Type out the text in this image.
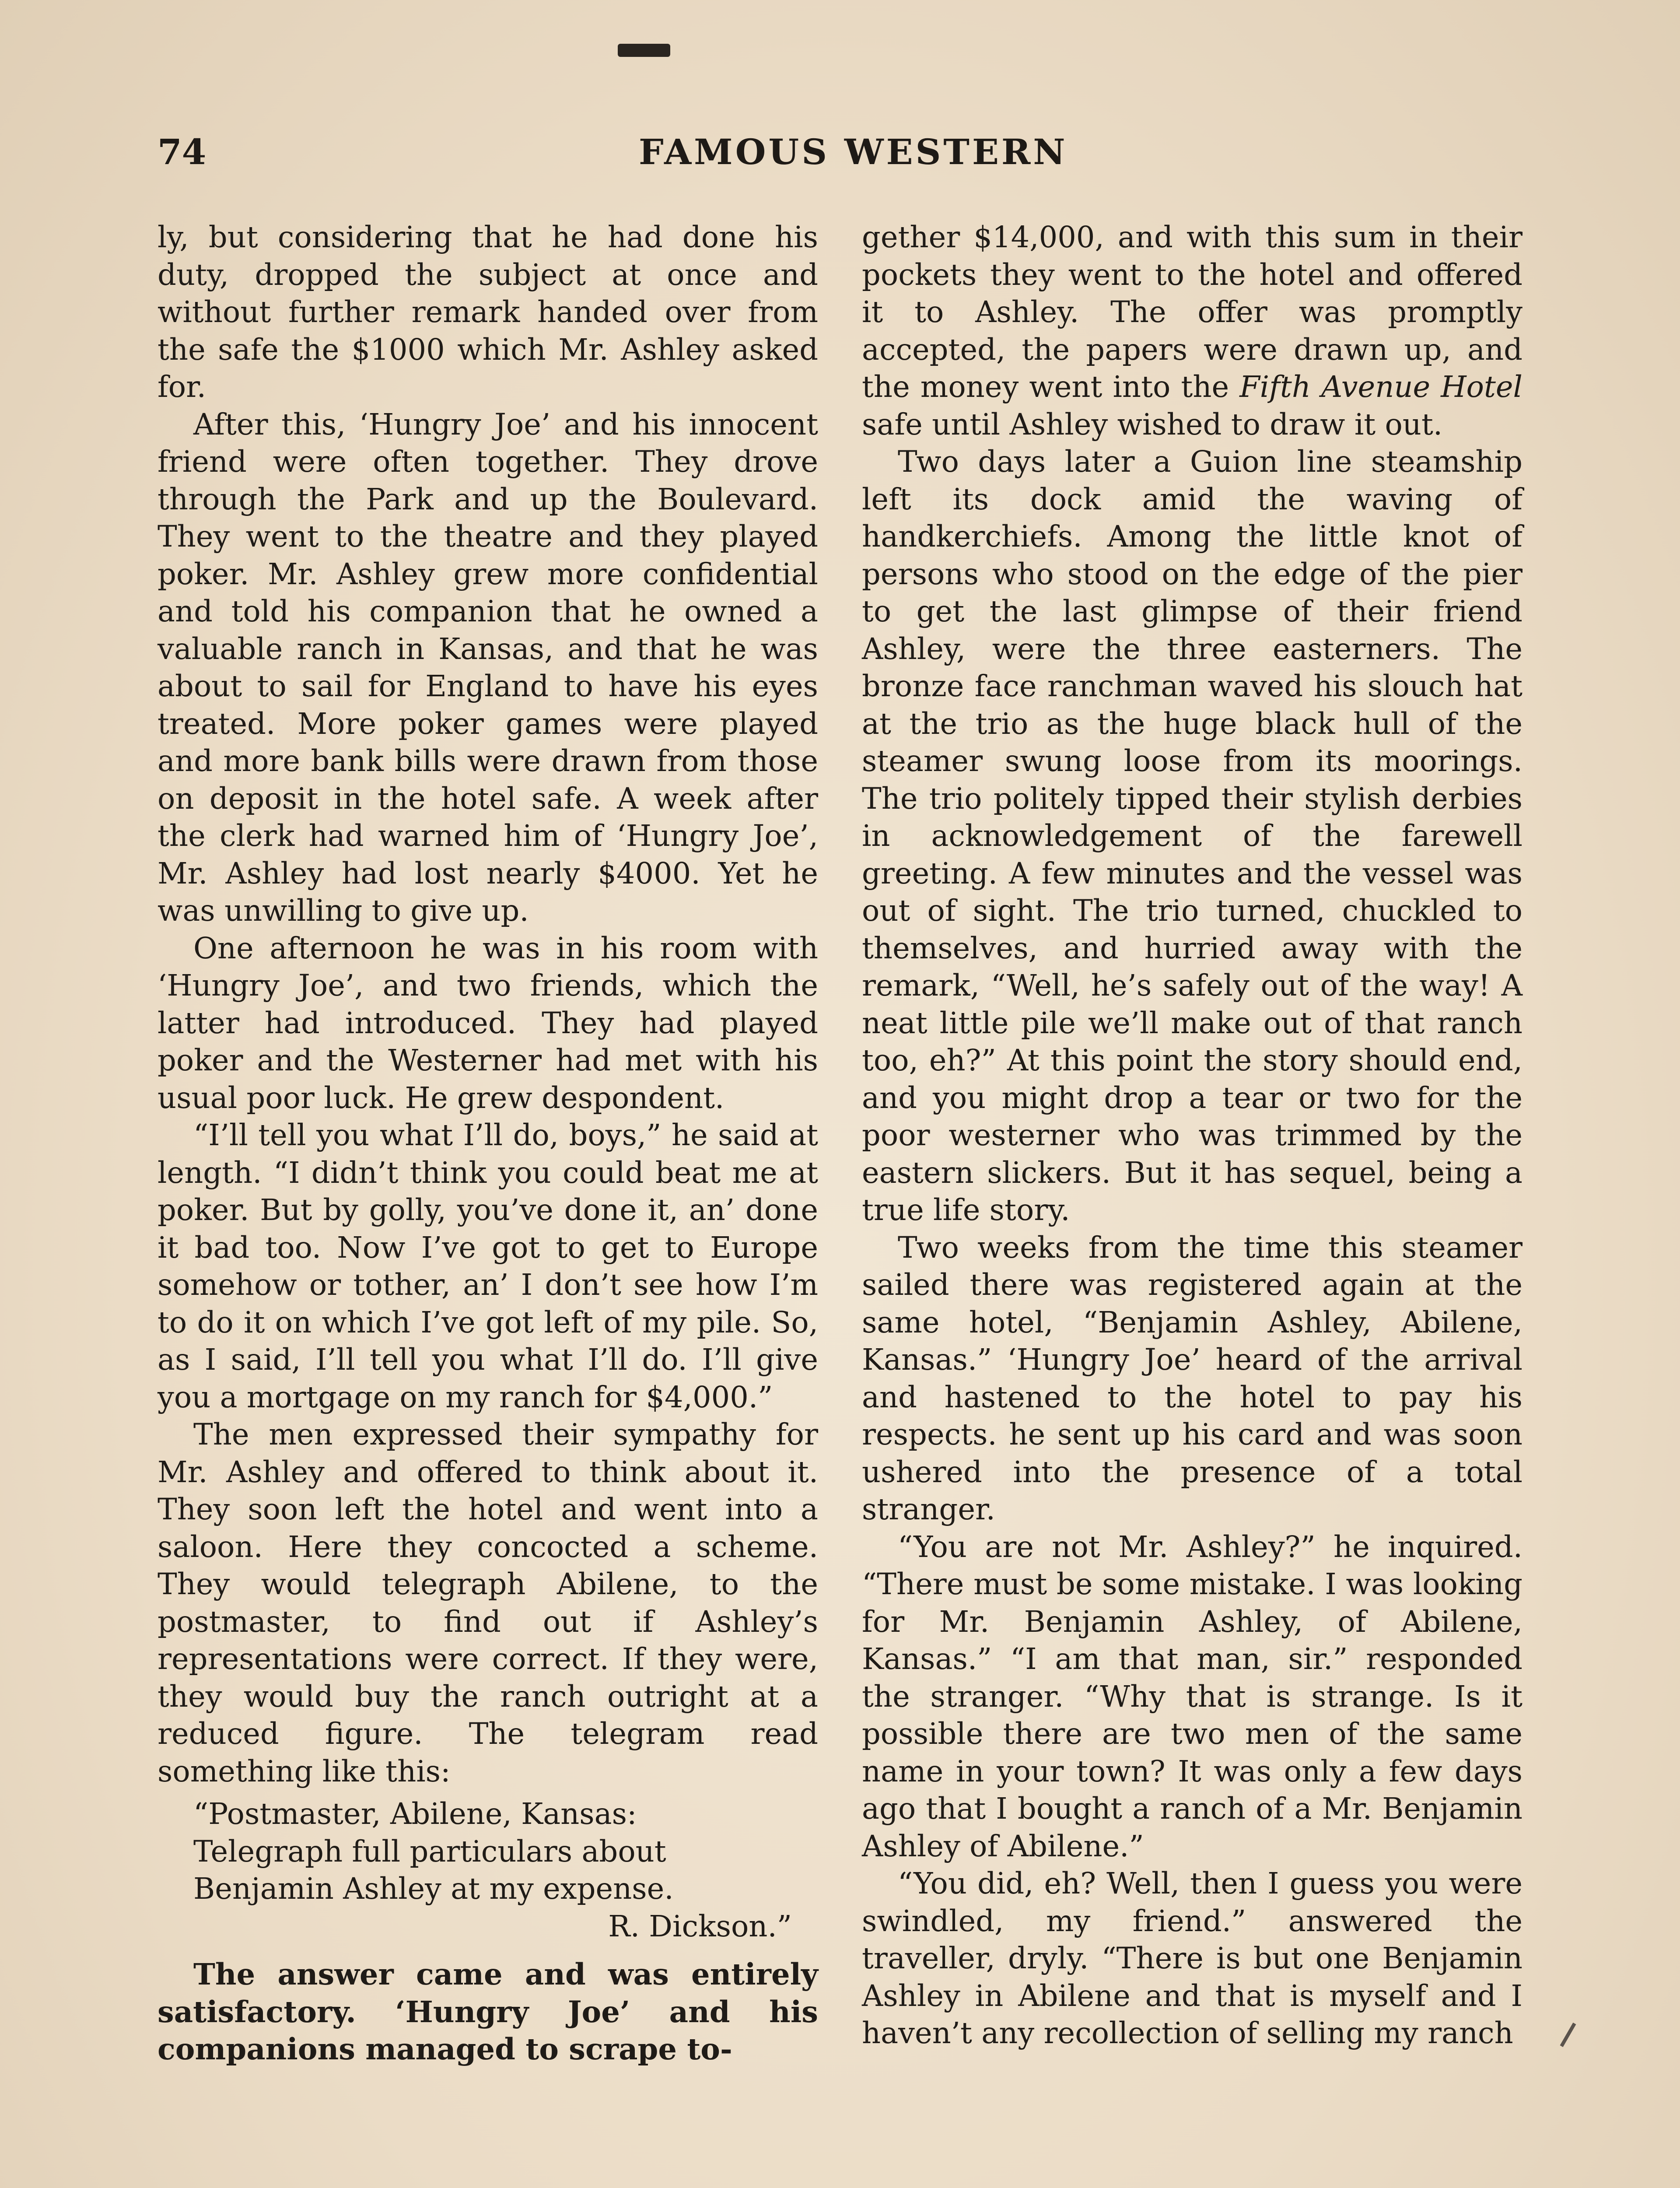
74	FAMOUS WESTERN

ly, but considering that he had done his duty, dropped the subject at once and without further remark handed over from the safe the $1000 which Mr. Ashley asked for.

After this, ‘Hungry Joe’ and his innocent friend were often together. They drove through the Park and up the Boulevard. They went to the theatre and they played poker. Mr. Ashley grew more confidential and told his companion that he owned a valuable ranch in Kansas, and that he was about to sail for England to have his eyes treated. More poker games were played and more bank bills were drawn from those on deposit in the hotel safe. A week after the clerk had warned him of ‘Hungry Joe’, Mr. Ashley had lost nearly $4000. Yet he was unwilling to give up.

One afternoon he was in his room with ‘Hungry Joe’, and two friends, which the latter had introduced. They had played poker and the Westerner had met with his usual poor luck. He grew despondent.

“I’ll tell you what I’ll do, boys,” he said at length. “I didn’t think you could beat me at poker. But by golly, you’ve done it, an’ done it bad too. Now I’ve got to get to Europe somehow or tother, an’ I don’t see how I’m to do it on which I’ve got left of my pile. So, as I said, I’ll tell you what I’ll do. I’ll give you a mortgage on my ranch for $4,000.”

The men expressed their sympathy for Mr. Ashley and offered to think about it. They soon left the hotel and went into a saloon. Here they concocted a scheme. They would telegraph Abilene, to the postmaster, to find out if Ashley’s representations were correct. If they were, they would buy the ranch outright at a reduced figure. The telegram read something like this:

“Postmaster, Abilene, Kansas:
Telegraph full particulars about
Benjamin Ashley at my expense.
R. Dickson.”

The answer came and was entirely satisfactory. ‘Hungry Joe’ and his companions managed to scrape to-

gether $14,000, and with this sum in their pockets they went to the hotel and offered it to Ashley. The offer was promptly accepted, the papers were drawn up, and the money went into the Fifth Avenue Hotel safe until Ashley wished to draw it out.

Two days later a Guion line steamship left its dock amid the waving of handkerchiefs. Among the little knot of persons who stood on the edge of the pier to get the last glimpse of their friend Ashley, were the three easterners. The bronze face ranchman waved his slouch hat at the trio as the huge black hull of the steamer swung loose from its moorings. The trio politely tipped their stylish derbies in acknowledgement of the farewell greeting. A few minutes and the vessel was out of sight. The trio turned, chuckled to themselves, and hurried away with the remark, “Well, he’s safely out of the way! A neat little pile we’ll make out of that ranch too, eh?” At this point the story should end, and you might drop a tear or two for the poor westerner who was trimmed by the eastern slickers. But it has sequel, being a true life story.

Two weeks from the time this steamer sailed there was registered again at the same hotel, “Benjamin Ashley, Abilene, Kansas.” ‘Hungry Joe’ heard of the arrival and hastened to the hotel to pay his respects. he sent up his card and was soon ushered into the presence of a total stranger.

“You are not Mr. Ashley?” he inquired. “There must be some mistake. I was looking for Mr. Benjamin Ashley, of Abilene, Kansas.” “I am that man, sir.” responded the stranger. “Why that is strange. Is it possible there are two men of the same name in your town? It was only a few days ago that I bought a ranch of a Mr. Benjamin Ashley of Abilene.”

“You did, eh? Well, then I guess you were swindled, my friend.” answered the traveller, dryly. “There is but one Benjamin Ashley in Abilene and that is myself and I haven’t any recollection of selling my ranch
